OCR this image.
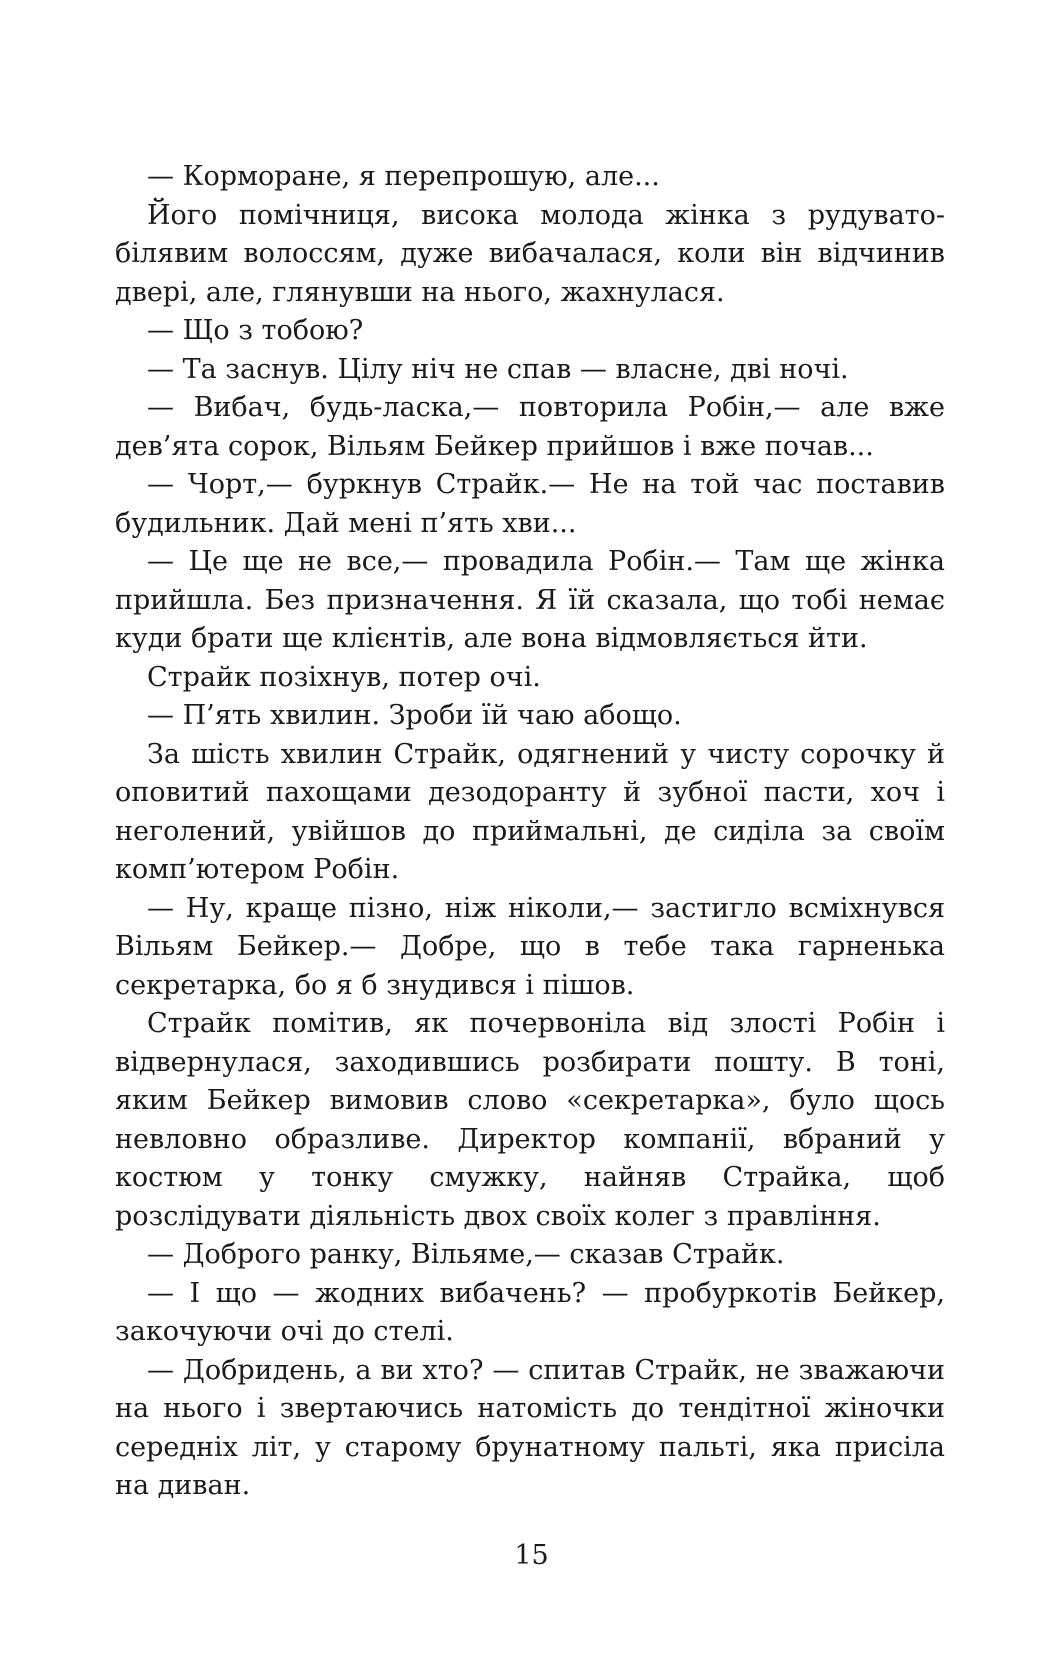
— Корморане, я перепрошую, але...

Його помічниця, висока молода жінка з рудувато-білявим волоссям, дуже вибачалася, коли він відчинив двері, але, глянувши на нього, жахнулася.

— Що з тобою?

— Та заснув. Цілу ніч не спав — власне, дві ночі.

— Вибач, будь-ласка,— повторила Робін,— але вже дев’ята сорок, Вільям Бейкер прийшов і вже почав...

— Чорт,— буркнув Страйк.— Не на той час поставив будильник. Дай мені п’ять хви...

— Це ще не все,— провадила Робін.— Там ще жінка прийшла. Без призначення. Я їй сказала, що тобі немає куди брати ще клієнтів, але вона відмовляється йти.

Страйк позіхнув, потер очі.

— П’ять хвилин. Зроби їй чаю абощо.

За шість хвилин Страйк, одягнений у чисту сорочку й оповитий пахощами дезодоранту й зубної пасти, хоч і неголений, увійшов до приймальні, де сиділа за своїм комп’ютером Робін.

— Ну, краще пізно, ніж ніколи,— застигло всміхнувся Вільям Бейкер.— Добре, що в тебе така гарненька секретарка, бо я б знудився і пішов.

Страйк помітив, як почервоніла від злості Робін і відвернулася, заходившись розбирати пошту. В тоні, яким Бейкер вимовив слово «секретарка», було щось невловно образливе. Директор компанії, вбраний у костюм у тонку смужку, найняв Страйка, щоб розслідувати діяльність двох своїх колег з правління.

— Доброго ранку, Вільяме,— сказав Страйк.

— І що — жодних вибачень? — пробуркотів Бейкер, закочуючи очі до стелі.

— Добридень, а ви хто? — спитав Страйк, не зважаючи на нього і звертаючись натомість до тендітної жіночки середніх літ, у старому брунатному пальті, яка присіла на диван.

15
